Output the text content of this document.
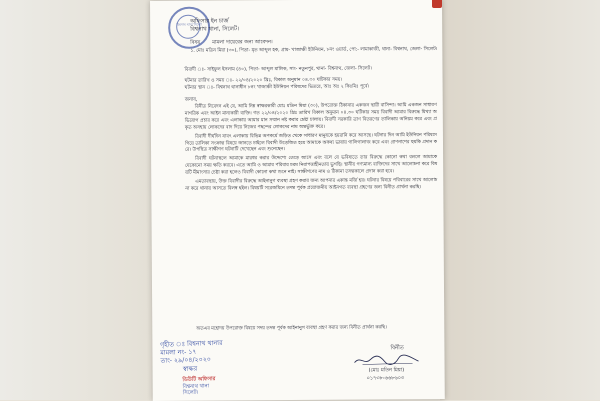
বিশ্বনাথ থানা সিলেট
অফিসার ইন চার্জ
বিশ্বনাথ থানা, সিলেট।
বিষয় মামলা দায়েরের জন্য আবেদন।
১. মোঃ মতিন মিয়া (৩০), পিতা- মৃত আব্দুল হক, গ্রাম- খাজাঞ্চী ইউনিয়ন, ৮নং ওয়ার্ড, পো:- লামাকাজী, থানা- বিশ্বনাথ, জেলা- সিলেট।
বিবাদী ঃ- সাইফুল ইসলাম (৪০), পিতা- আব্দুল মালিক, সাং- নতুনপুর, থানা- বিশ্বনাথ, জেলা- সিলেট।
ঘটনার তারিখ ও সময় ঃ- ২২/০৪/২০২০ খ্রিঃ, বিকাল অনুমান ০৪.৩০ ঘটিকার সময়।
ঘটনার স্থান ঃ- বিশ্বনাথ থানাধীন ৮নং খাজাঞ্চী ইউনিয়ন পরিষদের ভিতরে, আঃ অঃ ২ কিঃমিঃ পূর্বে।
জনাব,

বিনীত নিবেদন এই যে, আমি নিম্ন স্বাক্ষরকারী মোঃ মতিন মিয়া (৩০), উপরোক্ত ঠিকানার একজন স্থায়ী বাসিন্দা। আমি একজন সাধারণ নাগরিক এবং আইন মান্যকারী ব্যক্তি। গত ২২/০৪/২০২০ খ্রিঃ তারিখ বিকাল অনুমান ০৪.৩০ ঘটিকার সময় বিবাদী আমার বিরুদ্ধে মিথ্যা অভিযোগ প্রচার করে এবং এলাকায় আমার মান সম্মান নষ্ট করার চেষ্টা চালায়। বিবাদী সরকারি ত্রাণ বিতরণের তালিকায় অনিয়ম করে এবং প্রকৃত অসহায় লোকদের বাদ দিয়ে নিজের পছন্দের লোকদের নাম অন্তর্ভুক্ত করে।

বিবাদী দীর্ঘদিন যাবৎ এলাকায় বিভিন্ন অপকর্মে জড়িত থেকে সাধারণ মানুষকে হয়রানি করে আসছে। ঘটনার দিন আমি ইউনিয়ন পরিষদে গিয়ে তালিকা সংক্রান্ত বিষয়ে জানতে চাইলে বিবাদী উত্তেজিত হয়ে আমাকে অকথ্য ভাষায় গালিগালাজ করে এবং প্রাণনাশের হুমকি প্রদান করে। উপস্থিত সাক্ষীগণ ঘটনাটি দেখেছেন এবং শুনেছেন।

বিবাদী ঘটনাস্থলে আমাকে মারধর করার উদ্দেশ্যে তেড়ে আসে এবং বলে যে ভবিষ্যতে তার বিরুদ্ধে কোনো কথা বললে আমাকে যেকোনো সময় ক্ষতি করবে। এতে আমি ও আমার পরিবার চরম নিরাপত্তাহীনতায় ভুগছি। স্থানীয় গণ্যমান্য ব্যক্তিদের সাথে আলোচনা করে বিষয়টি মীমাংসার চেষ্টা করা হলেও বিবাদী কোনো কথা শুনে নাই। সাক্ষীগণের নাম ও ঠিকানা তদন্তকালে প্রদান করা হবে।

এমতাবস্থায়, উক্ত বিবাদীর বিরুদ্ধে আইনানুগ ব্যবস্থা গ্রহণ করার জন্য আপনার একান্ত মর্জি হয়। ঘটনার বিষয়ে পরিবারের সাথে আলোচনা করে থানায় আসতে বিলম্ব হইল। বিষয়টি সরেজমিনে তদন্ত পূর্বক প্রয়োজনীয় আইনগত ব্যবস্থা গ্রহণের জন্য বিনীত প্রার্থনা করছি।

অতএব মহোদয় উপরোক্ত বিষয়ে সদয় তদন্ত পূর্বক আইনানুগ ব্যবস্থা গ্রহণ করার জন্য বিনীত প্রার্থনা করছি।
বিনীত
(মোঃ মতিন মিয়া)
০১৭৩৮-৬৬৮৬০৩
গৃহীত ঃ বিশ্বনাথ থানার
মামলা নং- ১৭
তাং- ২৯/০৪/২০২০
স্বাক্ষর
ডিউটি অফিসার
বিশ্বনাথ থানা
সিলেট।
